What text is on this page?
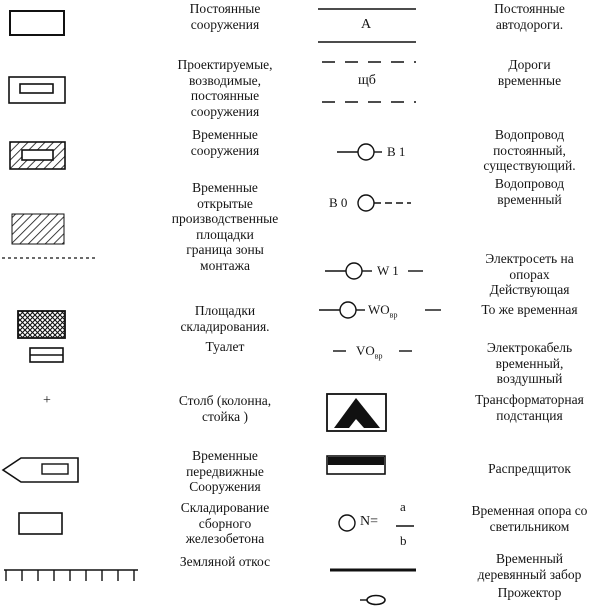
Постоянные
сооружения
Проектируемые,
возводимые,
постоянные
сооружения
Временные
сооружения
Временные
открытые
производственные
площадки
граница зоны
монтажа
Площадки
складирования.
Туалет
Столб (колонна,
стойка )
Временные
передвижные
Сооружения
Складирование
сборного
железобетона
Земляной откос
Постоянные
автодороги.
Дороги
временные
Водопровод
постоянный,
существующий.
Водопровод
временный
Электросеть на
опорах
Действующая
То же временная
Электрокабель
временный,
воздушный
Трансформаторная
подстанция
Распредщиток
Временная опора со
светильником
Временный
деревянный забор
Прожектор
+
А
щб
В 1
В 0
W 1
$WO_{вр}$
$VO_{вр}$
N=
a
b
